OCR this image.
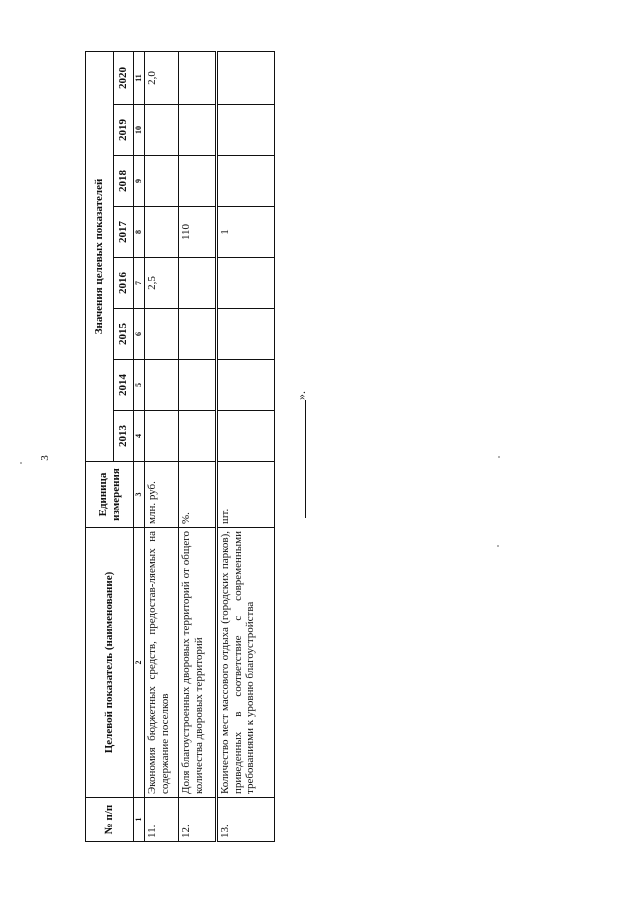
3
№ п/п	Целевой показатель (наименование)	Единица измерения	Значения целевых показателей							
			2013	2014	2015	2016	2017	2018	2019	2020
1	2	3	4	5	6	7	8	9	10	11
11.	Экономия бюджетных средств, предостав-ляемых на содержание поселков	млн. руб.				2,5				2,0
12.	Доля благоустроенных дворовых территорий от общего количества дворовых территорий	%.					110			
13.	Количество мест массового отдыха (городских парков), приведенных в соответствие с современными требованиями к уровню благоустройства	шт.					1			
».
